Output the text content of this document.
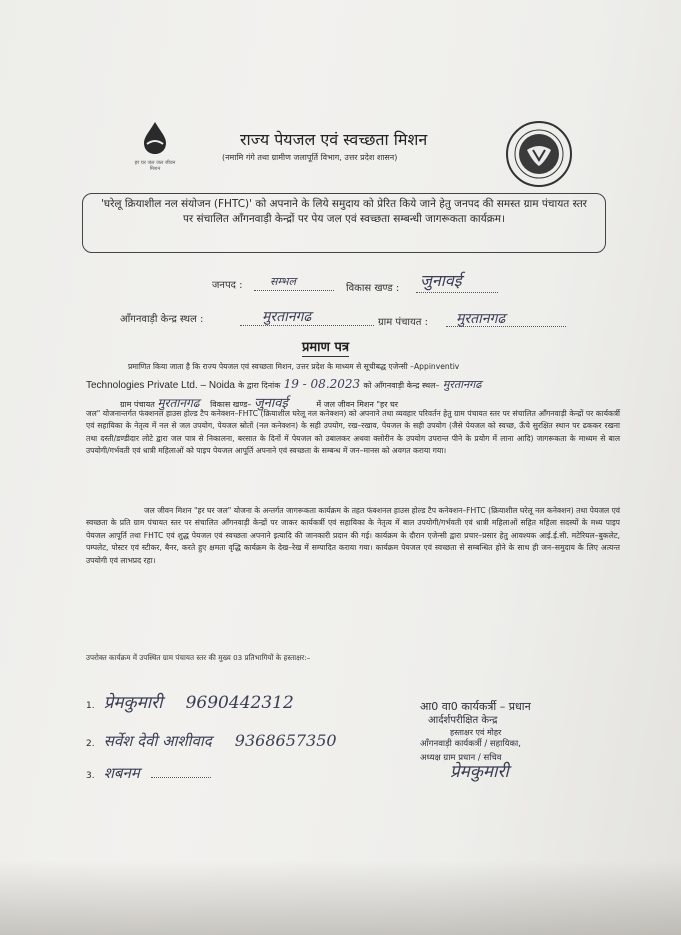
हर घर जल जल जीवन मिशन
राज्य पेयजल एवं स्वच्छता मिशन
(नमामि गंगे तथा ग्रामीण जलापूर्ति विभाग, उत्तर प्रदेश शासन)
'घरेलू क्रियाशील नल संयोजन (FHTC)' को अपनाने के लिये समुदाय को प्रेरित किये जाने हेतु जनपद की समस्त ग्राम पंचायत स्तर पर संचालित आँगनवाड़ी केन्द्रों पर पेय जल एवं स्वच्छता सम्बन्धी जागरूकता कार्यक्रम।
जनपद : सम्भल
विकास खण्ड : जुनावई
आँगनवाड़ी केन्द्र स्थल :	मुरतानगढ	ग्राम पंचायत : मुरतानगढ
प्रमाण पत्र
प्रमाणित किया जाता है कि राज्य पेयजल एवं स्वच्छता मिशन, उत्तर प्रदेश के माध्यम से सूचीबद्ध एजेन्सी –Appinventiv
Technologies Private Ltd. – Noida के द्वारा दिनांक 19 - 08.2023 को आँगनवाड़ी केन्द्र स्थल– मुरतानगढ
ग्राम पंचायत मुरतानगढ विकास खण्ड– जुनावई	में जल जीवन मिशन "हर घर
जल" योजनान्तर्गत फंक्शनल हाउस होल्ड टैप कनेक्शन–FHTC (क्रियाशील घरेलू नल कनेक्शन) को अपनाने तथा व्यवहार परिवर्तन हेतु ग्राम पंचायत स्तर पर संचालित आँगनवाड़ी केन्द्रों पर कार्यकर्त्री एवं सहायिका के नेतृत्व में नल से जल उपयोग, पेयजल स्रोतों (नल कनेक्शन) के सही उपयोग, रख–रखाव, पेयजल के सही उपयोग (जैसे पेयजल को स्वच्छ, ऊँचे सुरक्षित स्थान पर ढककर रखना तथा दस्ती/डण्डीदार लोटे द्वारा जल पात्र से निकालना, बरसात के दिनों में पेयजल को उबालकर अथवा क्लोरीन के उपयोग उपरान्त पीने के प्रयोग में लाना आदि) जागरूकता के माध्यम से बाल उपयोगी/गर्भवती एवं धात्री महिलाओं को पाइप पेयजल आपूर्ति अपनाने एवं स्वच्छता के सम्बन्ध में जन–मानस को अवगत कराया गया।
जल जीवन मिशन "हर घर जल" योजना के अन्तर्गत जागरूकता कार्यक्रम के तहत फंक्शनल हाउस होल्ड टैप कनेक्शन–FHTC (क्रियाशील घरेलू नल कनेक्शन) तथा पेयजल एवं स्वच्छता के प्रति ग्राम पंचायत स्तर पर संचालित आँगनवाड़ी केन्द्रों पर जाकर कार्यकर्त्री एवं सहायिका के नेतृत्व में बाल उपयोगी/गर्भवती एवं धात्री महिलाओं सहित महिला सदस्यों के मध्य पाइप पेयजल आपूर्ति तथा FHTC एवं शुद्ध पेयजल एवं स्वच्छता अपनाने इत्यादि की जानकारी प्रदान की गई। कार्यक्रम के दौरान एजेन्सी द्वारा प्रचार–प्रसार हेतु आवश्यक आई.ई.सी. मटेरियल–बुकलेट, पम्पलेट, पोस्टर एवं स्टीकर, बैनर, करते हुए क्षमता वृद्धि कार्यक्रम के देख–रेख में सम्पादित कराया गया। कार्यक्रम पेयजल एवं स्वच्छता से सम्बन्धित होने के साथ ही जन–समुदाय के लिए अत्यन्त उपयोगी एवं लाभप्रद रहा।
उपरोक्त कार्यक्रम में उपस्थित ग्राम पंचायत स्तर की मुख्य 03 प्रतिभागियों के हस्ताक्षर:–
1. प्रेमकुमारी 9690442312
2. सर्वेश देवी आशीवाद 9368657350
3. शबनम
आ0 वा0 कार्यकर्त्री – प्रधान
आर्दर्शपरीक्षित केन्द्र
हस्ताक्षर एवं मोहर
आँगनवाड़ी कार्यकर्त्री / सहायिका,
अध्यक्ष ग्राम प्रधान / सचिव
प्रेमकुमारी
